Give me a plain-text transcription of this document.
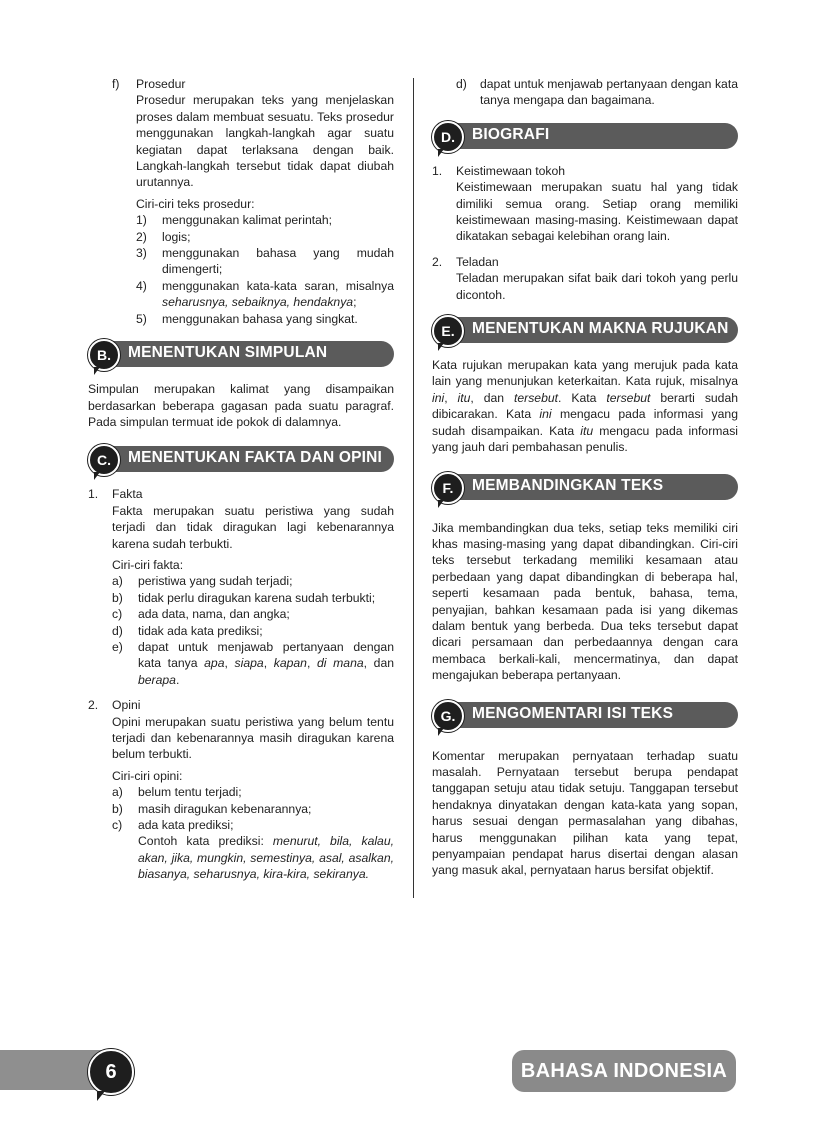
f) Prosedur

Prosedur merupakan teks yang menjelaskan proses dalam membuat sesuatu. Teks prosedur menggunakan langkah-langkah agar suatu kegiatan dapat terlaksana dengan baik. Langkah-langkah tersebut tidak dapat diubah urutannya.

Ciri-ciri teks prosedur:

1) menggunakan kalimat perintah;
2) logis;
3) menggunakan bahasa yang mudah dimengerti;
4) menggunakan kata-kata saran, misalnya seharusnya, sebaiknya, hendaknya;
5) menggunakan bahasa yang singkat.
B.	MENENTUKAN SIMPULAN

Simpulan merupakan kalimat yang disampaikan berdasarkan beberapa gagasan pada suatu paragraf. Pada simpulan termuat ide pokok di dalamnya.

C.	MENENTUKAN FAKTA DAN OPINI
1. Fakta

Fakta merupakan suatu peristiwa yang sudah terjadi dan tidak diragukan lagi kebenarannya karena sudah terbukti.

Ciri-ciri fakta:

a) peristiwa yang sudah terjadi;
b) tidak perlu diragukan karena sudah terbukti;
c) ada data, nama, dan angka;
d) tidak ada kata prediksi;
e) dapat untuk menjawab pertanyaan dengan kata tanya apa, siapa, kapan, di mana, dan berapa.
2. Opini

Opini merupakan suatu peristiwa yang belum tentu terjadi dan kebenarannya masih diragukan karena belum terbukti.

Ciri-ciri opini:

a) belum tentu terjadi;
b) masih diragukan kebenarannya;
c) ada kata prediksi;

Contoh kata prediksi: menurut, bila, kalau, akan, jika, mungkin, semestinya, asal, asalkan, biasanya, seharusnya, kira-kira, sekiranya.

d) dapat untuk menjawab pertanyaan dengan kata tanya mengapa dan bagaimana.

D.	BIOGRAFI
1. Keistimewaan tokoh

Keistimewaan merupakan suatu hal yang tidak dimiliki semua orang. Setiap orang memiliki keistimewaan masing-masing. Keistimewaan dapat dikatakan sebagai kelebihan orang lain.

2. Teladan

Teladan merupakan sifat baik dari tokoh yang perlu dicontoh.

E.	MENENTUKAN MAKNA RUJUKAN

Kata rujukan merupakan kata yang merujuk pada kata lain yang menunjukan keterkaitan. Kata rujuk, misalnya ini, itu, dan tersebut. Kata tersebut berarti sudah dibicarakan. Kata ini mengacu pada informasi yang sudah disampaikan. Kata itu mengacu pada informasi yang jauh dari pembahasan penulis.

F.	MEMBANDINGKAN TEKS

Jika membandingkan dua teks, setiap teks memiliki ciri khas masing-masing yang dapat dibandingkan. Ciri-ciri teks tersebut terkadang memiliki kesamaan atau perbedaan yang dapat dibandingkan di beberapa hal, seperti kesamaan pada bentuk, bahasa, tema, penyajian, bahkan kesamaan pada isi yang dikemas dalam bentuk yang berbeda. Dua teks tersebut dapat dicari persamaan dan perbedaannya dengan cara membaca berkali-kali, mencermatinya, dan dapat mengajukan beberapa pertanyaan.

G.	MENGOMENTARI ISI TEKS

Komentar merupakan pernyataan terhadap suatu masalah. Pernyataan tersebut berupa pendapat tanggapan setuju atau tidak setuju. Tanggapan tersebut hendaknya dinyatakan dengan kata-kata yang sopan, harus sesuai dengan permasalahan yang dibahas, harus menggunakan pilihan kata yang tepat, penyampaian pendapat harus disertai dengan alasan yang masuk akal, pernyataan harus bersifat objektif.

6	BAHASA INDONESIA
